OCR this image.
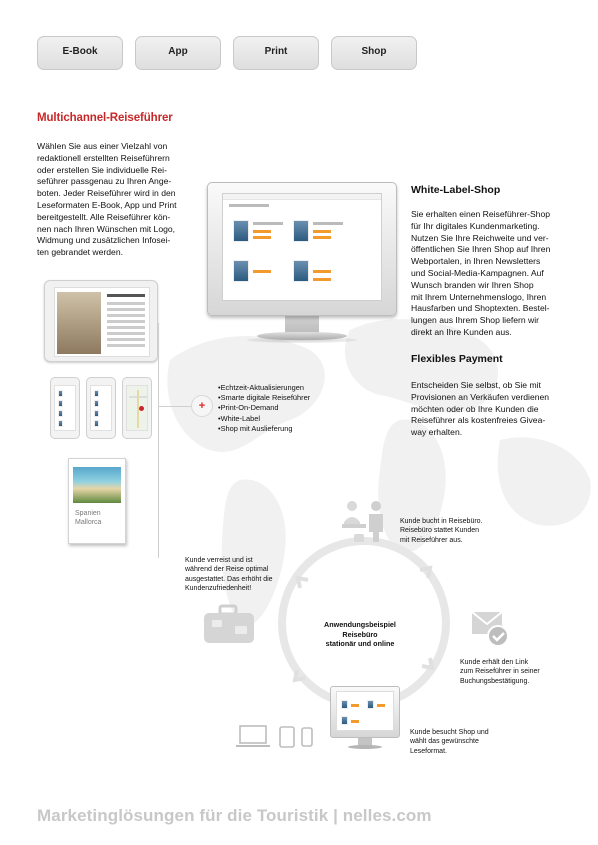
E-Book	App	Print	Shop
Multichannel-Reiseführer
Wählen Sie aus einer Vielzahl von
redaktionell erstellten Reiseführern
oder erstellen Sie individuelle Rei-
seführer passgenau zu Ihren Ange-
boten. Jeder Reiseführer wird in den
Leseformaten E-Book, App und Print
bereitgestellt. Alle Reiseführer kön-
nen nach Ihren Wünschen mit Logo,
Widmung und zusätzlichen Infosei-
ten gebrandet werden.
White-Label-Shop
Sie erhalten einen Reiseführer-Shop
für Ihr digitales Kundenmarketing.
Nutzen Sie Ihre Reichweite und ver-
öffentlichen Sie Ihren Shop auf Ihren
Webportalen, in Ihren Newsletters
und Social-Media-Kampagnen. Auf
Wunsch branden wir Ihren Shop
mit Ihrem Unternehmenslogo, Ihren
Hausfarben und Shoptexten. Bestel-
lungen aus Ihrem Shop liefern wir
direkt an Ihre Kunden aus.
Flexibles Payment
Entscheiden Sie selbst, ob Sie mit
Provisionen an Verkäufen verdienen
möchten oder ob Ihre Kunden die
Reiseführer als kostenfreies Givea-
way erhalten.
Spanien
Mallorca
+
• Echtzeit-Aktualisierungen
• Smarte digitale Reiseführer
• Print-On-Demand
• White-Label
• Shop mit Auslieferung
Anwendungsbeispiel
Reisebüro
stationär und online
Kunde bucht in Reisebüro.
Reisebüro stattet Kunden
mit Reiseführer aus.
Kunde erhält den Link
zum Reiseführer in seiner
Buchungsbestätigung.
Kunde besucht Shop und
wählt das gewünschte
Leseformat.
Kunde verreist und ist
während der Reise optimal
ausgestattet. Das erhöht die
Kundenzufriedenheit!
Marketinglösungen für die Touristik | nelles.com
